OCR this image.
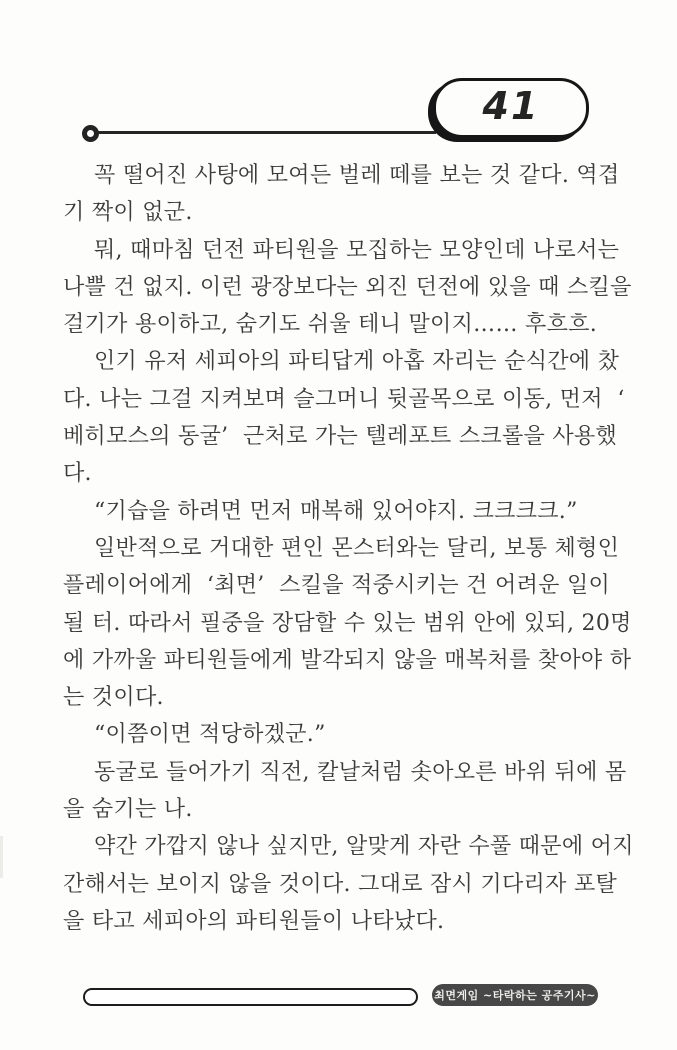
41

꼭 떨어진 사탕에 모여든 벌레 떼를 보는 것 같다. 역겹

기 짝이 없군.

뭐, 때마침 던전 파티원을 모집하는 모양인데 나로서는

나쁠 건 없지. 이런 광장보다는 외진 던전에 있을 때 스킬을

걸기가 용이하고, 숨기도 쉬울 테니 말이지…… 후흐흐.

인기 유저 세피아의 파티답게 아홉 자리는 순식간에 찼

다. 나는 그걸 지켜보며 슬그머니 뒷골목으로 이동, 먼저  ‘

베히모스의 동굴’  근처로 가는 텔레포트 스크롤을 사용했

다.

“기습을 하려면 먼저 매복해 있어야지. 크크크크.”

일반적으로 거대한 편인 몬스터와는 달리, 보통 체형인

플레이어에게  ‘최면’  스킬을 적중시키는 건 어려운 일이

될 터. 따라서 필중을 장담할 수 있는 범위 안에 있되, 20명

에 가까울 파티원들에게 발각되지 않을 매복처를 찾아야 하

는 것이다.

“이쯤이면 적당하겠군.”

동굴로 들어가기 직전, 칼날처럼 솟아오른 바위 뒤에 몸

을 숨기는 나.

약간 가깝지 않나 싶지만, 알맞게 자란 수풀 때문에 어지

간해서는 보이지 않을 것이다. 그대로 잠시 기다리자 포탈

을 타고 세피아의 파티원들이 나타났다.

최면게임 ~타락하는 공주기사~
